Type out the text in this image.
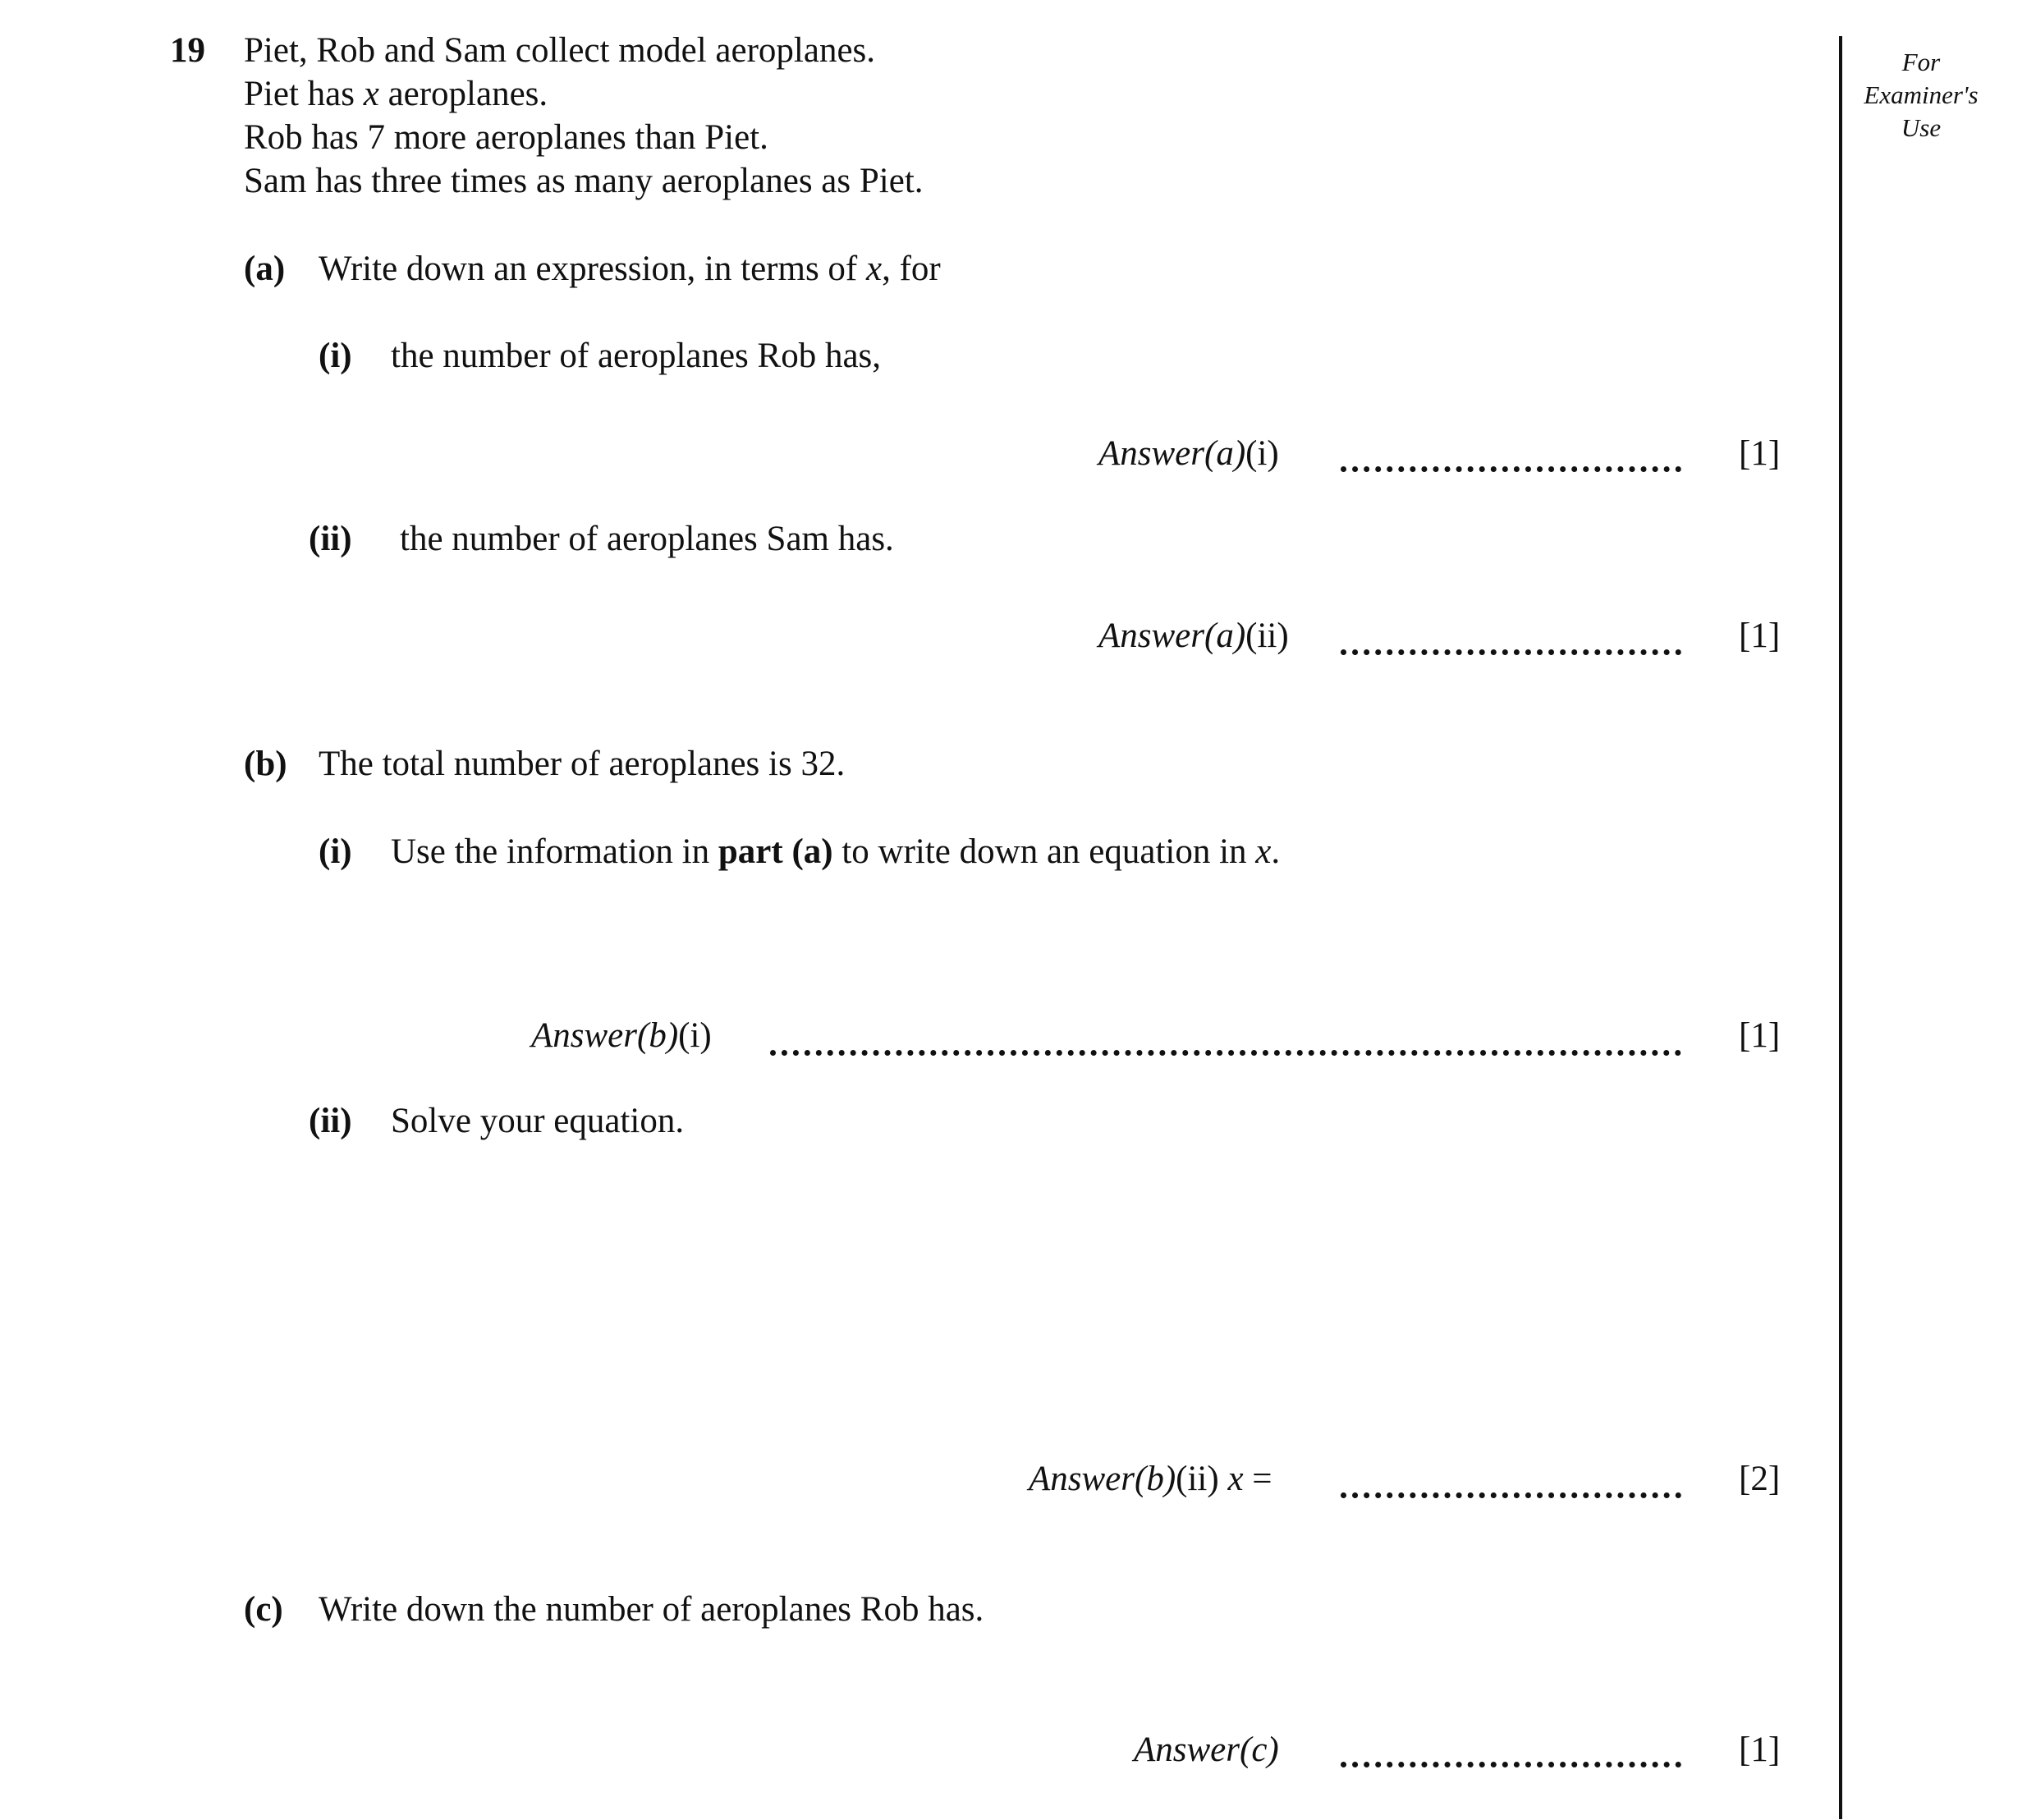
19 Piet, Rob and Sam collect model aeroplanes.
Piet has x aeroplanes.
Rob has 7 more aeroplanes than Piet.
Sam has three times as many aeroplanes as Piet.
For
Examiner's
Use
(a) Write down an expression, in terms of x, for
(i) the number of aeroplanes Rob has,
Answer(a)(i)	[1]
(ii) the number of aeroplanes Sam has.
Answer(a)(ii)	[1]
(b) The total number of aeroplanes is 32.
(i) Use the information in part (a) to write down an equation in x.
Answer(b)(i)	[1]
(ii) Solve your equation.
Answer(b)(ii) x =	[2]
(c) Write down the number of aeroplanes Rob has.
Answer(c)	[1]
